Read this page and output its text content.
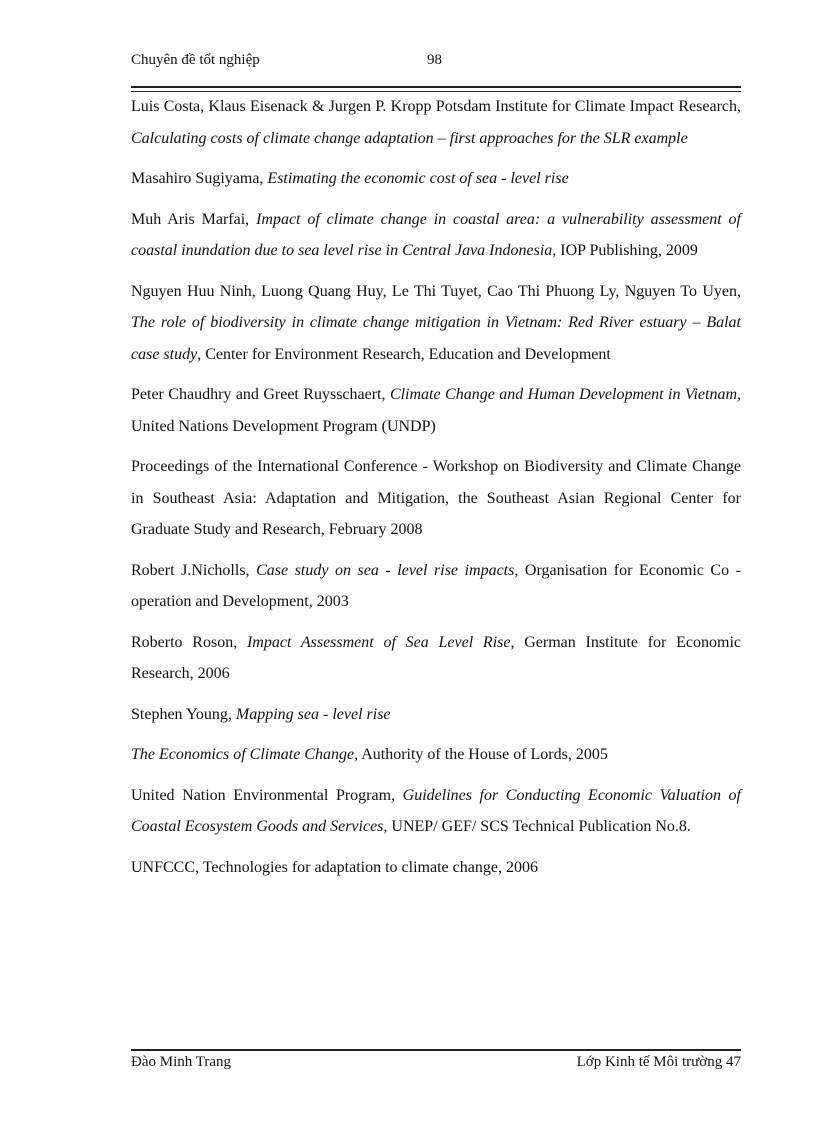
Chuyên đề tốt nghiệp	98

Luis Costa, Klaus Eisenack & Jurgen P. Kropp Potsdam Institute for Climate Impact Research, Calculating costs of climate change adaptation – first approaches for the SLR example

Masahiro Sugiyama, Estimating the economic cost of sea - level rise

Muh Aris Marfai, Impact of climate change in coastal area: a vulnerability assessment of coastal inundation due to sea level rise in Central Java Indonesia, IOP Publishing, 2009

Nguyen Huu Ninh, Luong Quang Huy, Le Thi Tuyet, Cao Thi Phuong Ly, Nguyen To Uyen, The role of biodiversity in climate change mitigation in Vietnam: Red River estuary – Balat case study, Center for Environment Research, Education and Development

Peter Chaudhry and Greet Ruysschaert, Climate Change and Human Development in Vietnam, United Nations Development Program (UNDP)

Proceedings of the International Conference - Workshop on Biodiversity and Climate Change in Southeast Asia: Adaptation and Mitigation, the Southeast Asian Regional Center for Graduate Study and Research, February 2008

Robert J.Nicholls, Case study on sea - level rise impacts, Organisation for Economic Co - operation and Development, 2003

Roberto Roson, Impact Assessment of Sea Level Rise, German Institute for Economic Research, 2006

Stephen Young, Mapping sea - level rise

The Economics of Climate Change, Authority of the House of Lords, 2005

United Nation Environmental Program, Guidelines for Conducting Economic Valuation of Coastal Ecosystem Goods and Services, UNEP/ GEF/ SCS Technical Publication No.8.

UNFCCC, Technologies for adaptation to climate change, 2006

Đào Minh Trang	Lớp Kinh tế Môi trường 47
